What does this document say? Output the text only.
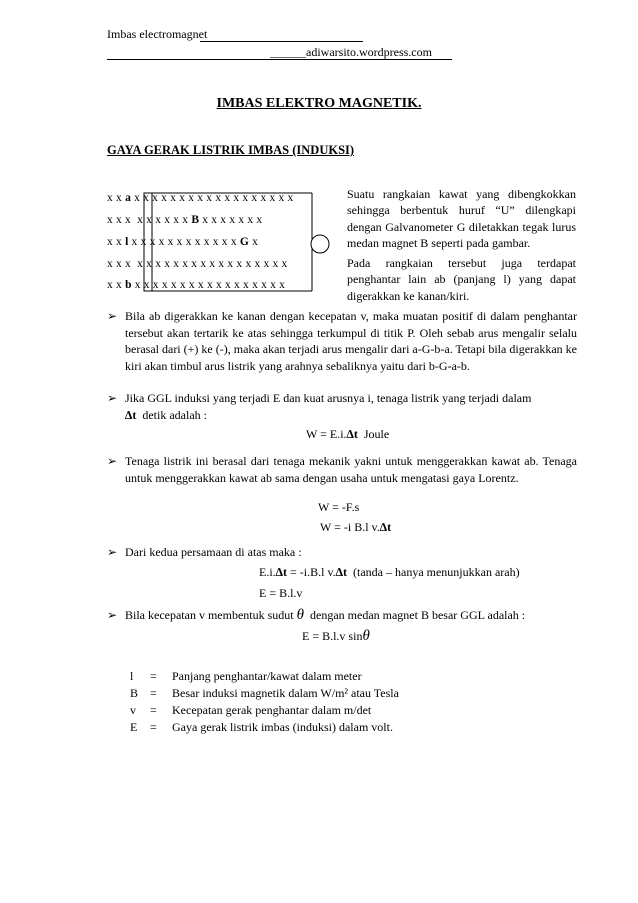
Imbas electromagnet
______adiwarsito.wordpress.com
IMBAS ELEKTRO MAGNETIK.
GAYA GERAK LISTRIK IMBAS (INDUKSI)
x x a x x x x x x x x x x x x x x x x x x
x x x  x x x x x x B x x x x x x x
x x l x x x x x x x x x x x x G x
x x x  x x x x x x x x x x x x x x x x x
x x b x x x x x x x x x x x x x x x x x

Suatu rangkaian kawat yang dibengkokkan sehingga berbentuk huruf “U” dilengkapi dengan Galvanometer G diletakkan tegak lurus medan magnet B seperti pada gambar.

Pada rangkaian tersebut juga terdapat penghantar lain ab (panjang l) yang dapat digerakkan ke kanan/kiri.

➢ Bila ab digerakkan ke kanan dengan kecepatan v, maka muatan positif di dalam penghantar tersebut akan tertarik ke atas sehingga terkumpul di titik P. Oleh sebab arus mengalir selalu berasal dari (+) ke (-), maka akan terjadi arus mengalir dari a-G-b-a. Tetapi bila digerakkan ke kiri akan timbul arus listrik yang arahnya sebaliknya yaitu dari b-G-a-b.
➢ Jika GGL induksi yang terjadi E dan kuat arusnya i, tenaga listrik yang terjadi dalam
∆t detik adalah :
W = E.i.∆t Joule
➢ Tenaga listrik ini berasal dari tenaga mekanik yakni untuk menggerakkan kawat ab. Tenaga untuk menggerakkan kawat ab sama dengan usaha untuk mengatasi gaya Lorentz.
W = -F.s
W = -i B.l v.∆t
➢ Dari kedua persamaan di atas maka :
E.i.∆t = -i.B.l v.∆t (tanda – hanya menunjukkan arah)
E = B.l.v
➢ Bila kecepatan v membentuk sudut θ dengan medan magnet B besar GGL adalah :
E = B.l.v sinθ
l	=	Panjang penghantar/kawat dalam meter
B	=	Besar induksi magnetik dalam W/m² atau Tesla
v	=	Kecepatan gerak penghantar dalam m/det
E	=	Gaya gerak listrik imbas (induksi) dalam volt.
